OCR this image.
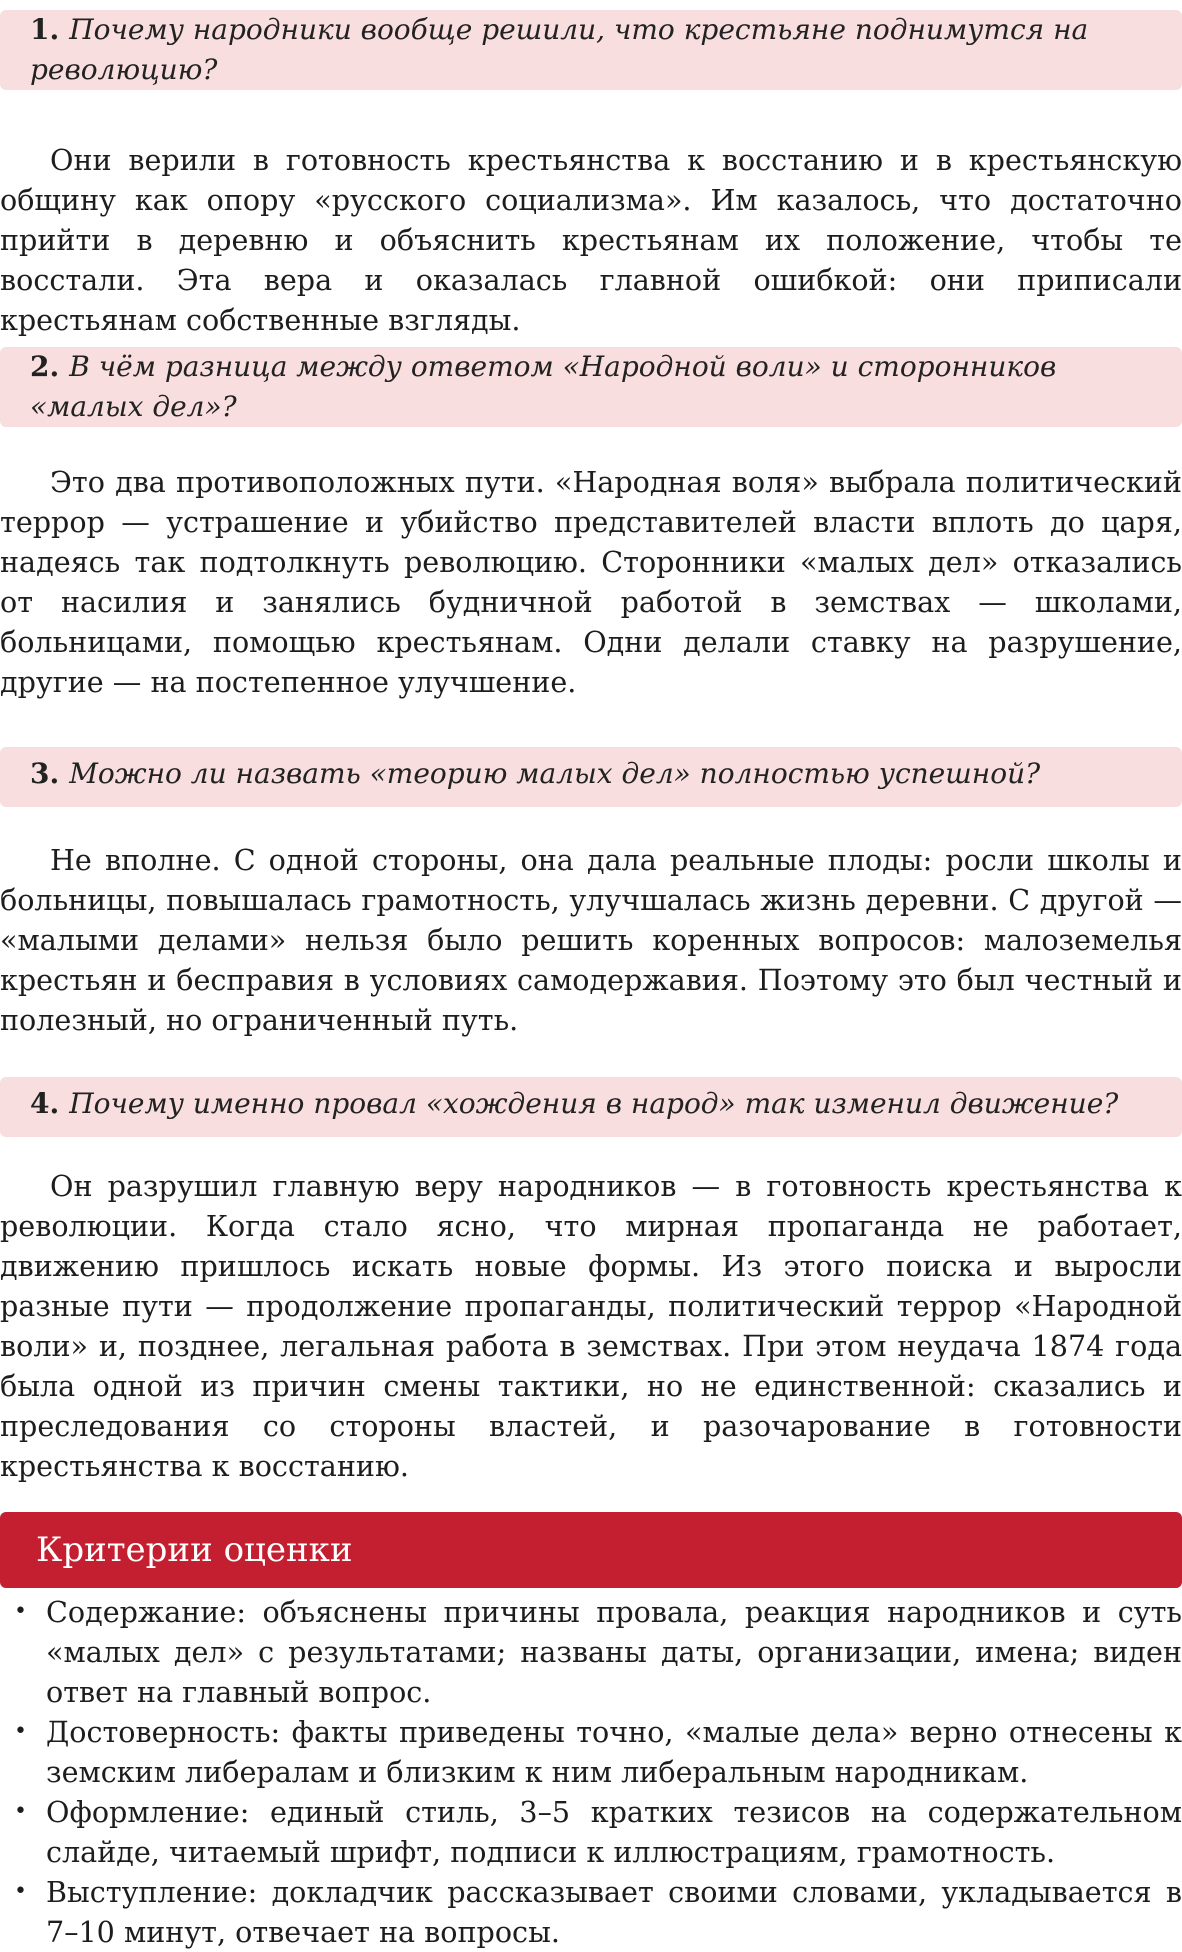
1. Почему народники вообще решили, что крестьяне поднимутся на революцию?

Они верили в готовность крестьянства к восстанию и в крестьянскую общину как опору «русского социализма». Им казалось, что достаточно прийти в деревню и объяснить крестьянам их положение, чтобы те восстали. Эта вера и оказалась главной ошибкой: они приписали крестьянам собственные взгляды.

2. В чём разница между ответом «Народной воли» и сторонников «малых дел»?

Это два противоположных пути. «Народная воля» выбрала политический террор — устрашение и убийство представителей власти вплоть до царя, надеясь так подтолкнуть революцию. Сторонники «малых дел» отказались от насилия и занялись будничной работой в земствах — школами, больницами, помощью крестьянам. Одни делали ставку на разрушение, другие — на постепенное улучшение.

3. Можно ли назвать «теорию малых дел» полностью успешной?

Не вполне. С одной стороны, она дала реальные плоды: росли школы и больницы, повышалась грамотность, улучшалась жизнь деревни. С другой — «малыми делами» нельзя было решить коренных вопросов: малоземелья крестьян и бесправия в условиях самодержавия. Поэтому это был честный и полезный, но ограниченный путь.

4. Почему именно провал «хождения в народ» так изменил движение?

Он разрушил главную веру народников — в готовность крестьянства к революции. Когда стало ясно, что мирная пропаганда не работает, движению пришлось искать новые формы. Из этого поиска и выросли разные пути — продолжение пропаганды, политический террор «Народной воли» и, позднее, легальная работа в земствах. При этом неудача 1874 года была одной из причин смены тактики, но не единственной: сказались и преследования со стороны властей, и разочарование в готовности крестьянства к восстанию.

Критерии оценки
• Содержание: объяснены причины провала, реакция народников и суть «малых дел» с результатами; названы даты, организации, имена; виден ответ на главный вопрос.
• Достоверность: факты приведены точно, «малые дела» верно отнесены к земским либералам и близким к ним либеральным народникам.
• Оформление: единый стиль, 3–5 кратких тезисов на содержательном слайде, читаемый шрифт, подписи к иллюстрациям, грамотность.
• Выступление: докладчик рассказывает своими словами, укладывается в 7–10 минут, отвечает на вопросы.
